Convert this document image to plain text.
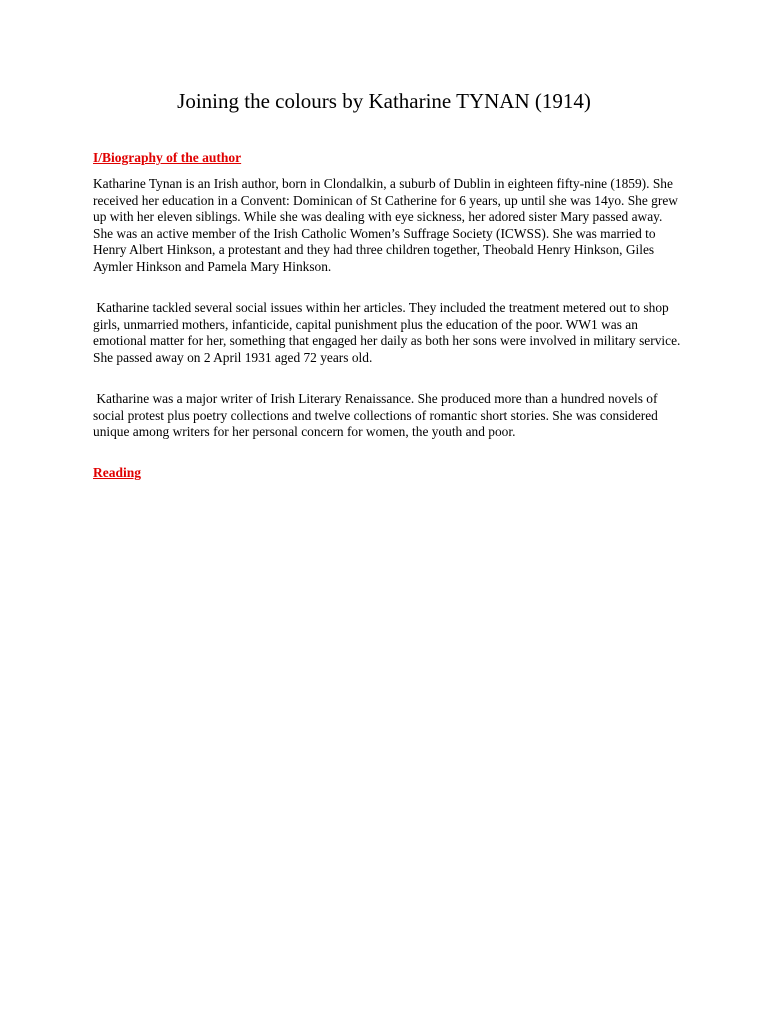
Joining the colours by Katharine TYNAN (1914)
I/Biography of the author

Katharine Tynan is an Irish author, born in Clondalkin, a suburb of Dublin in eighteen fifty-nine (1859). She received her education in a Convent: Dominican of St Catherine for 6 years, up until she was 14yo. She grew up with her eleven siblings. While she was dealing with eye sickness, her adored sister Mary passed away. She was an active member of the Irish Catholic Women’s Suffrage Society (ICWSS). She was married to Henry Albert Hinkson, a protestant and they had three children together, Theobald Henry Hinkson, Giles Aymler Hinkson and Pamela Mary Hinkson.

Katharine tackled several social issues within her articles. They included the treatment metered out to shop girls, unmarried mothers, infanticide, capital punishment plus the education of the poor. WW1 was an emotional matter for her, something that engaged her daily as both her sons were involved in military service. She passed away on 2 April 1931 aged 72 years old.

Katharine was a major writer of Irish Literary Renaissance. She produced more than a hundred novels of social protest plus poetry collections and twelve collections of romantic short stories. She was considered unique among writers for her personal concern for women, the youth and poor.

Reading
